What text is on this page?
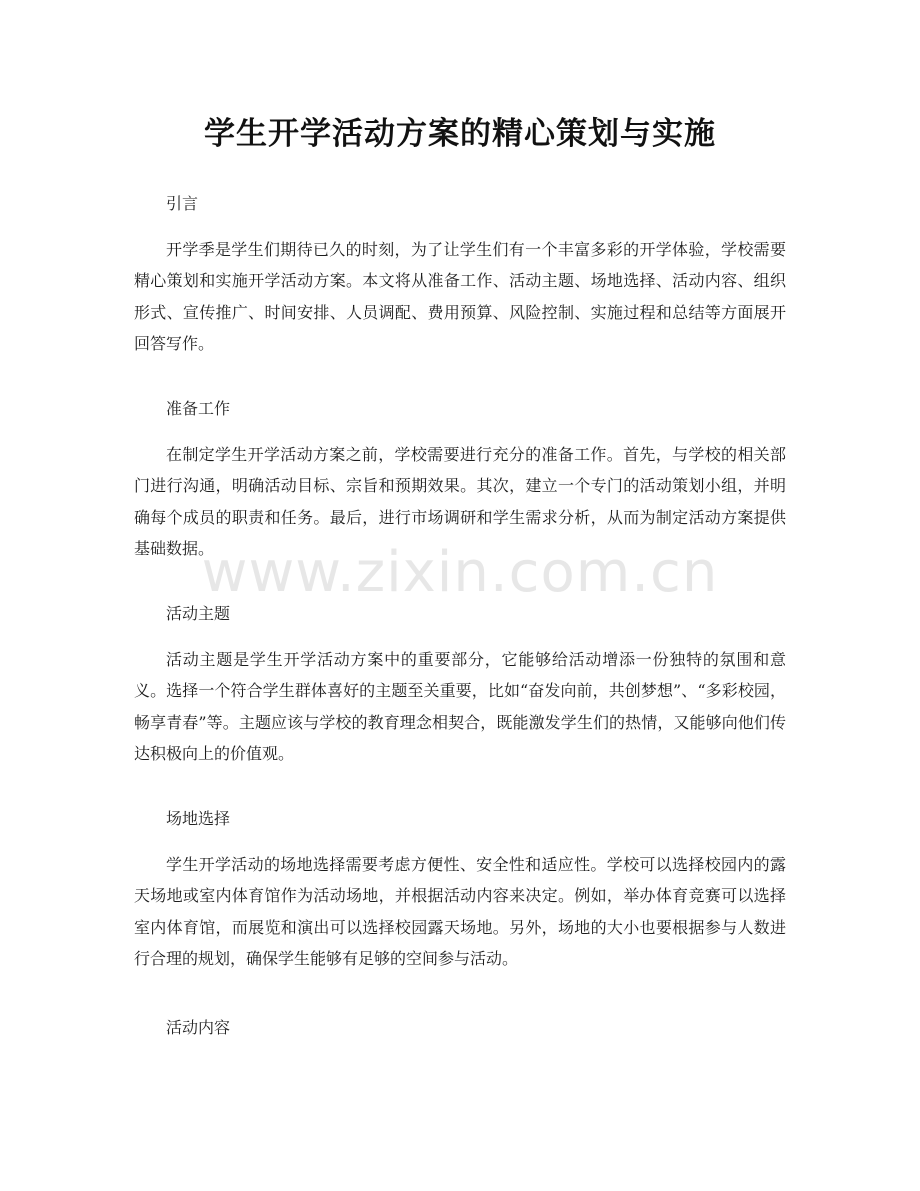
学生开学活动方案的精心策划与实施
引言

开学季是学生们期待已久的时刻，为了让学生们有一个丰富多彩的开学体验，学校需要精心策划和实施开学活动方案。本文将从准备工作、活动主题、场地选择、活动内容、组织形式、宣传推广、时间安排、人员调配、费用预算、风险控制、实施过程和总结等方面展开回答写作。

准备工作

在制定学生开学活动方案之前，学校需要进行充分的准备工作。首先，与学校的相关部门进行沟通，明确活动目标、宗旨和预期效果。其次，建立一个专门的活动策划小组，并明确每个成员的职责和任务。最后，进行市场调研和学生需求分析，从而为制定活动方案提供基础数据。

活动主题

活动主题是学生开学活动方案中的重要部分，它能够给活动增添一份独特的氛围和意义。选择一个符合学生群体喜好的主题至关重要，比如“奋发向前，共创梦想”、“多彩校园，畅享青春”等。主题应该与学校的教育理念相契合，既能激发学生们的热情，又能够向他们传达积极向上的价值观。

场地选择

学生开学活动的场地选择需要考虑方便性、安全性和适应性。学校可以选择校园内的露天场地或室内体育馆作为活动场地，并根据活动内容来决定。例如，举办体育竞赛可以选择室内体育馆，而展览和演出可以选择校园露天场地。另外，场地的大小也要根据参与人数进行合理的规划，确保学生能够有足够的空间参与活动。

活动内容
www.zixin.com.cn
